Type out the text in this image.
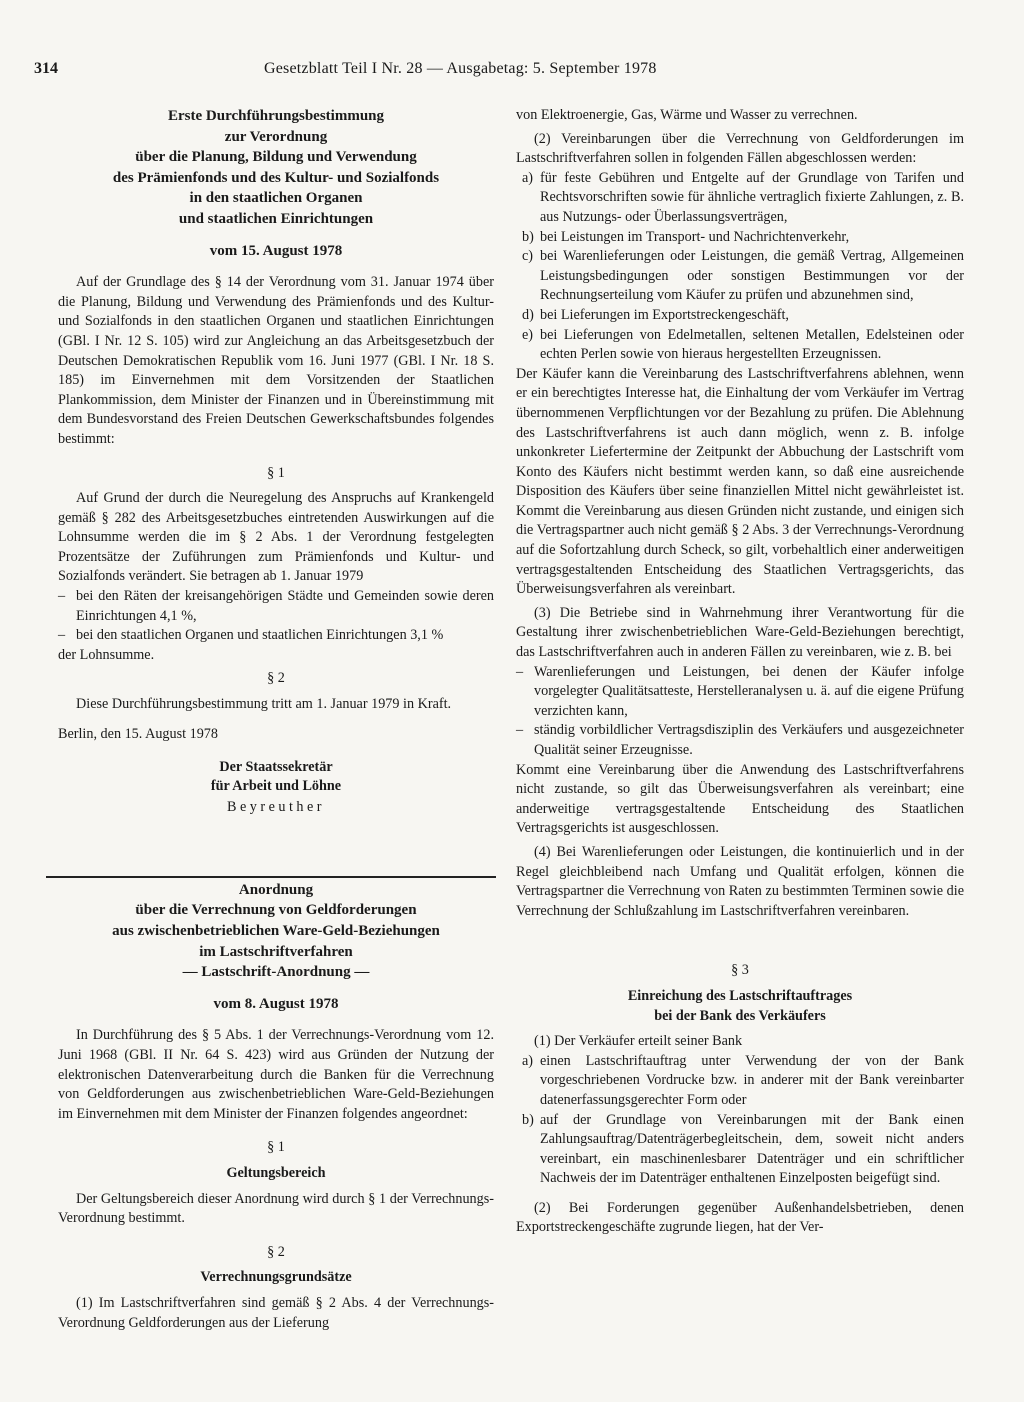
314	Gesetzblatt Teil I Nr. 28 — Ausgabetag: 5. September 1978

Erste Durchführungsbestimmung

zur Verordnung

über die Planung, Bildung und Verwendung

des Prämienfonds und des Kultur- und Sozialfonds

in den staatlichen Organen

und staatlichen Einrichtungen

vom 15. August 1978

Auf der Grundlage des § 14 der Verordnung vom 31. Januar 1974 über die Planung, Bildung und Verwendung des Prämienfonds und des Kultur- und Sozialfonds in den staatlichen Organen und staatlichen Einrichtungen (GBl. I Nr. 12 S. 105) wird zur Angleichung an das Arbeitsgesetzbuch der Deutschen Demokratischen Republik vom 16. Juni 1977 (GBl. I Nr. 18 S. 185) im Einvernehmen mit dem Vorsitzenden der Staatlichen Plankommission, dem Minister der Finanzen und in Übereinstimmung mit dem Bundesvorstand des Freien Deutschen Gewerkschaftsbundes folgendes bestimmt:

§ 1

Auf Grund der durch die Neuregelung des Anspruchs auf Krankengeld gemäß § 282 des Arbeitsgesetzbuches eintretenden Auswirkungen auf die Lohnsumme werden die im § 2 Abs. 1 der Verordnung festgelegten Prozentsätze der Zuführungen zum Prämienfonds und Kultur- und Sozialfonds verändert. Sie betragen ab 1. Januar 1979

– bei den Räten der kreisangehörigen Städte und Gemeinden sowie deren Einrichtungen 4,1 %,
– bei den staatlichen Organen und staatlichen Einrichtungen 3,1 %

der Lohnsumme.

§ 2

Diese Durchführungsbestimmung tritt am 1. Januar 1979 in Kraft.

Berlin, den 15. August 1978

Der Staatssekretär
für Arbeit und Löhne
Beyreuther

Anordnung

über die Verrechnung von Geldforderungen

aus zwischenbetrieblichen Ware-Geld-Beziehungen

im Lastschriftverfahren

— Lastschrift-Anordnung —

vom 8. August 1978

In Durchführung des § 5 Abs. 1 der Verrechnungs-Verordnung vom 12. Juni 1968 (GBl. II Nr. 64 S. 423) wird aus Gründen der Nutzung der elektronischen Datenverarbeitung durch die Banken für die Verrechnung von Geldforderungen aus zwischenbetrieblichen Ware-Geld-Beziehungen im Einvernehmen mit dem Minister der Finanzen folgendes angeordnet:

§ 1

Geltungsbereich

Der Geltungsbereich dieser Anordnung wird durch § 1 der Verrechnungs-Verordnung bestimmt.

§ 2

Verrechnungsgrundsätze

(1) Im Lastschriftverfahren sind gemäß § 2 Abs. 4 der Verrechnungs-Verordnung Geldforderungen aus der Lieferung

von Elektroenergie, Gas, Wärme und Wasser zu verrechnen.

(2) Vereinbarungen über die Verrechnung von Geldforderungen im Lastschriftverfahren sollen in folgenden Fällen abgeschlossen werden:

a) für feste Gebühren und Entgelte auf der Grundlage von Tarifen und Rechtsvorschriften sowie für ähnliche vertraglich fixierte Zahlungen, z. B. aus Nutzungs- oder Überlassungsverträgen,
b) bei Leistungen im Transport- und Nachrichtenverkehr,
c) bei Warenlieferungen oder Leistungen, die gemäß Vertrag, Allgemeinen Leistungsbedingungen oder sonstigen Bestimmungen vor der Rechnungserteilung vom Käufer zu prüfen und abzunehmen sind,
d) bei Lieferungen im Exportstreckengeschäft,
e) bei Lieferungen von Edelmetallen, seltenen Metallen, Edelsteinen oder echten Perlen sowie von hieraus hergestellten Erzeugnissen.

Der Käufer kann die Vereinbarung des Lastschriftverfahrens ablehnen, wenn er ein berechtigtes Interesse hat, die Einhaltung der vom Verkäufer im Vertrag übernommenen Verpflichtungen vor der Bezahlung zu prüfen. Die Ablehnung des Lastschriftverfahrens ist auch dann möglich, wenn z. B. infolge unkonkreter Liefertermine der Zeitpunkt der Abbuchung der Lastschrift vom Konto des Käufers nicht bestimmt werden kann, so daß eine ausreichende Disposition des Käufers über seine finanziellen Mittel nicht gewährleistet ist. Kommt die Vereinbarung aus diesen Gründen nicht zustande, und einigen sich die Vertragspartner auch nicht gemäß § 2 Abs. 3 der Verrechnungs-Verordnung auf die Sofortzahlung durch Scheck, so gilt, vorbehaltlich einer anderweitigen vertragsgestaltenden Entscheidung des Staatlichen Vertragsgerichts, das Überweisungsverfahren als vereinbart.

(3) Die Betriebe sind in Wahrnehmung ihrer Verantwortung für die Gestaltung ihrer zwischenbetrieblichen Ware-Geld-Beziehungen berechtigt, das Lastschriftverfahren auch in anderen Fällen zu vereinbaren, wie z. B. bei

– Warenlieferungen und Leistungen, bei denen der Käufer infolge vorgelegter Qualitätsatteste, Herstelleranalysen u. ä. auf die eigene Prüfung verzichten kann,
– ständig vorbildlicher Vertragsdisziplin des Verkäufers und ausgezeichneter Qualität seiner Erzeugnisse.

Kommt eine Vereinbarung über die Anwendung des Lastschriftverfahrens nicht zustande, so gilt das Überweisungsverfahren als vereinbart; eine anderweitige vertragsgestaltende Entscheidung des Staatlichen Vertragsgerichts ist ausgeschlossen.

(4) Bei Warenlieferungen oder Leistungen, die kontinuierlich und in der Regel gleichbleibend nach Umfang und Qualität erfolgen, können die Vertragspartner die Verrechnung von Raten zu bestimmten Terminen sowie die Verrechnung der Schlußzahlung im Lastschriftverfahren vereinbaren.

§ 3

Einreichung des Lastschriftauftrages

bei der Bank des Verkäufers

(1) Der Verkäufer erteilt seiner Bank

a) einen Lastschriftauftrag unter Verwendung der von der Bank vorgeschriebenen Vordrucke bzw. in anderer mit der Bank vereinbarter datenerfassungsgerechter Form oder
b) auf der Grundlage von Vereinbarungen mit der Bank einen Zahlungsauftrag/Datenträgerbegleitschein, dem, soweit nicht anders vereinbart, ein maschinenlesbarer Datenträger und ein schriftlicher Nachweis der im Datenträger enthaltenen Einzelposten beigefügt sind.

(2) Bei Forderungen gegenüber Außenhandelsbetrieben, denen Exportstreckengeschäfte zugrunde liegen, hat der Ver-
